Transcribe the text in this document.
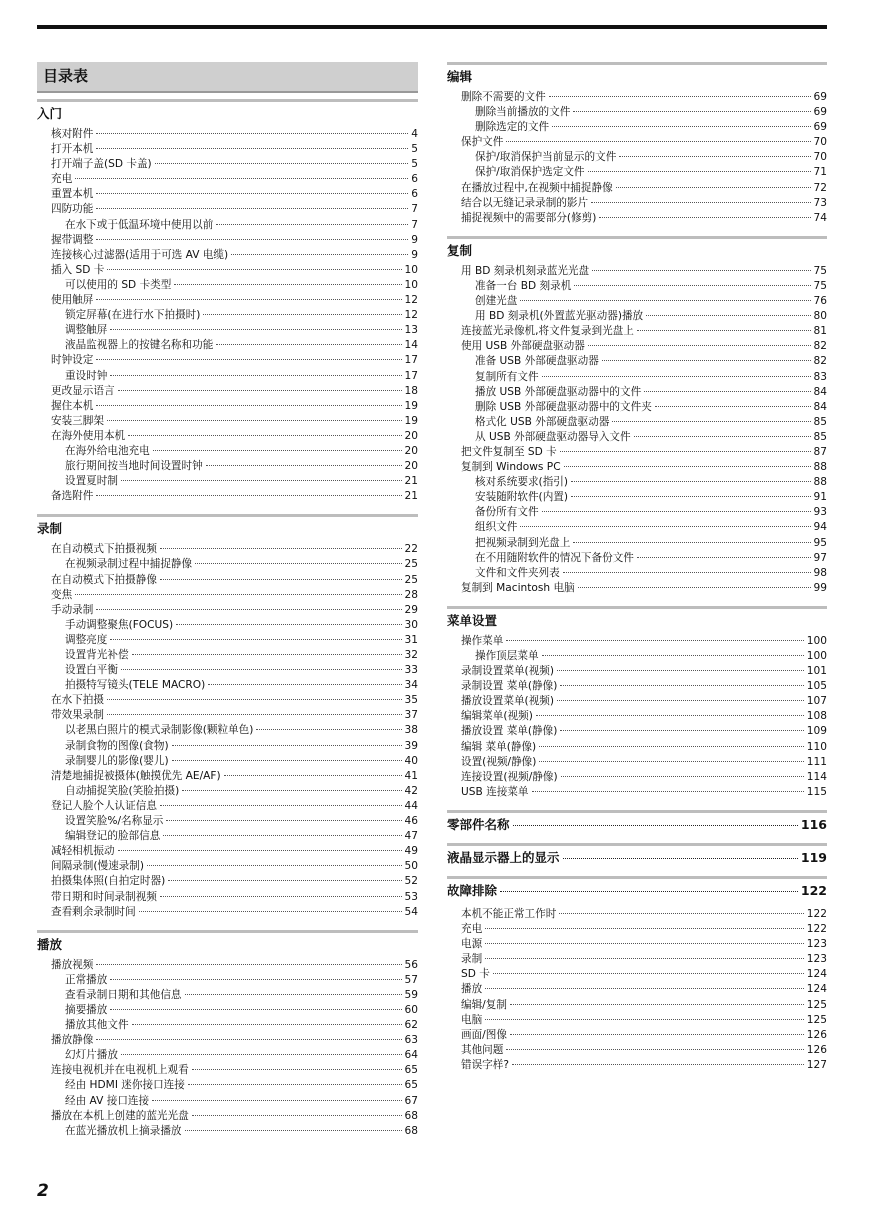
目录表
入门
核对附件	4
打开本机	5
打开端子盖(SD 卡盖)	5
充电	6
重置本机	6
四防功能	7
在水下或于低温环境中使用以前	7
握带调整	9
连接核心过滤器(适用于可选 AV 电缆)	9
插入 SD 卡	10
可以使用的 SD 卡类型	10
使用触屏	12
锁定屏幕(在进行水下拍摄时)	12
调整触屏	13
液晶监视器上的按键名称和功能	14
时钟设定	17
重设时钟	17
更改显示语言	18
握住本机	19
安装三脚架	19
在海外使用本机	20
在海外给电池充电	20
旅行期间按当地时间设置时钟	20
设置夏时制	21
备选附件	21
录制
在自动模式下拍摄视频	22
在视频录制过程中捕捉静像	25
在自动模式下拍摄静像	25
变焦	28
手动录制	29
手动调整聚焦(FOCUS)	30
调整亮度	31
设置背光补偿	32
设置白平衡	33
拍摄特写镜头(TELE MACRO)	34
在水下拍摄	35
带效果录制	37
以老黑白照片的模式录制影像(颗粒单色)	38
录制食物的图像(食物)	39
录制婴儿的影像(婴儿)	40
清楚地捕捉被摄体(触摸优先 AE/AF)	41
自动捕捉笑脸(笑脸拍摄)	42
登记人脸个人认证信息	44
设置笑脸%/名称显示	46
编辑登记的脸部信息	47
减轻相机振动	49
间隔录制(慢速录制)	50
拍摄集体照(自拍定时器)	52
带日期和时间录制视频	53
查看剩余录制时间	54
播放
播放视频	56
正常播放	57
查看录制日期和其他信息	59
摘要播放	60
播放其他文件	62
播放静像	63
幻灯片播放	64
连接电视机并在电视机上观看	65
经由 HDMI 迷你接口连接	65
经由 AV 接口连接	67
播放在本机上创建的蓝光光盘	68
在蓝光播放机上摘录播放	68
编辑
删除不需要的文件	69
删除当前播放的文件	69
删除选定的文件	69
保护文件	70
保护/取消保护当前显示的文件	70
保护/取消保护选定文件	71
在播放过程中,在视频中捕捉静像	72
结合以无缝记录录制的影片	73
捕捉视频中的需要部分(修剪)	74
复制
用 BD 刻录机刻录蓝光光盘	75
准备一台 BD 刻录机	75
创建光盘	76
用 BD 刻录机(外置蓝光驱动器)播放	80
连接蓝光录像机,将文件复录到光盘上	81
使用 USB 外部硬盘驱动器	82
准备 USB 外部硬盘驱动器	82
复制所有文件	83
播放 USB 外部硬盘驱动器中的文件	84
删除 USB 外部硬盘驱动器中的文件夹	84
格式化 USB 外部硬盘驱动器	85
从 USB 外部硬盘驱动器导入文件	85
把文件复制至 SD 卡	87
复制到 Windows PC	88
核对系统要求(指引)	88
安装随附软件(内置)	91
备份所有文件	93
组织文件	94
把视频录制到光盘上	95
在不用随附软件的情况下备份文件	97
文件和文件夹列表	98
复制到 Macintosh 电脑	99
菜单设置
操作菜单	100
操作顶层菜单	100
录制设置菜单(视频)	101
录制设置 菜单(静像)	105
播放设置菜单(视频)	107
编辑菜单(视频)	108
播放设置 菜单(静像)	109
编辑 菜单(静像)	110
设置(视频/静像)	111
连接设置(视频/静像)	114
USB 连接菜单	115
零部件名称	116
液晶显示器上的显示	119
故障排除	122
本机不能正常工作时	122
充电	122
电源	123
录制	123
SD 卡	124
播放	124
编辑/复制	125
电脑	125
画面/图像	126
其他问题	126
错误字样?	127
2
